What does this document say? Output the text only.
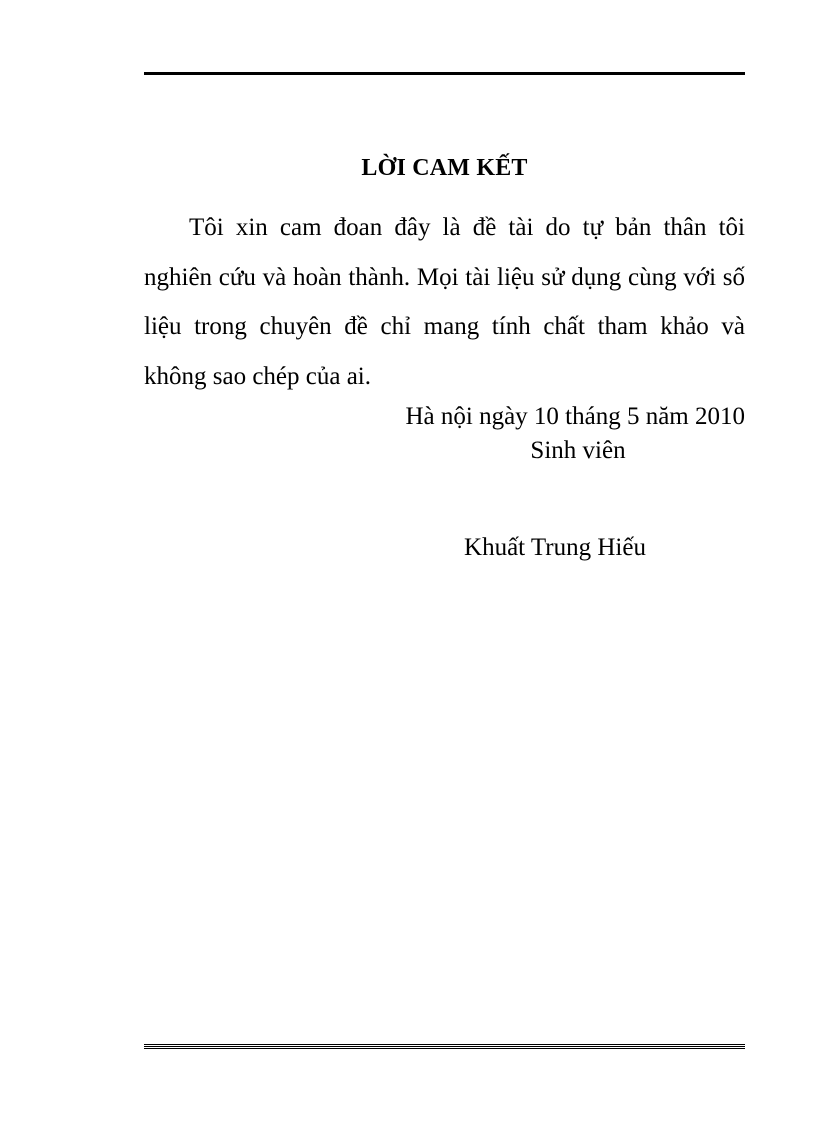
LỜI CAM KẾT

Tôi xin cam đoan đây là đề tài do tự bản thân tôi nghiên cứu và hoàn thành. Mọi tài liệu sử dụng cùng với số liệu trong chuyên đề chỉ mang tính chất tham khảo và không sao chép của ai.

Hà nội ngày 10 tháng 5 năm 2010
Sinh viên
Khuất Trung Hiếu
